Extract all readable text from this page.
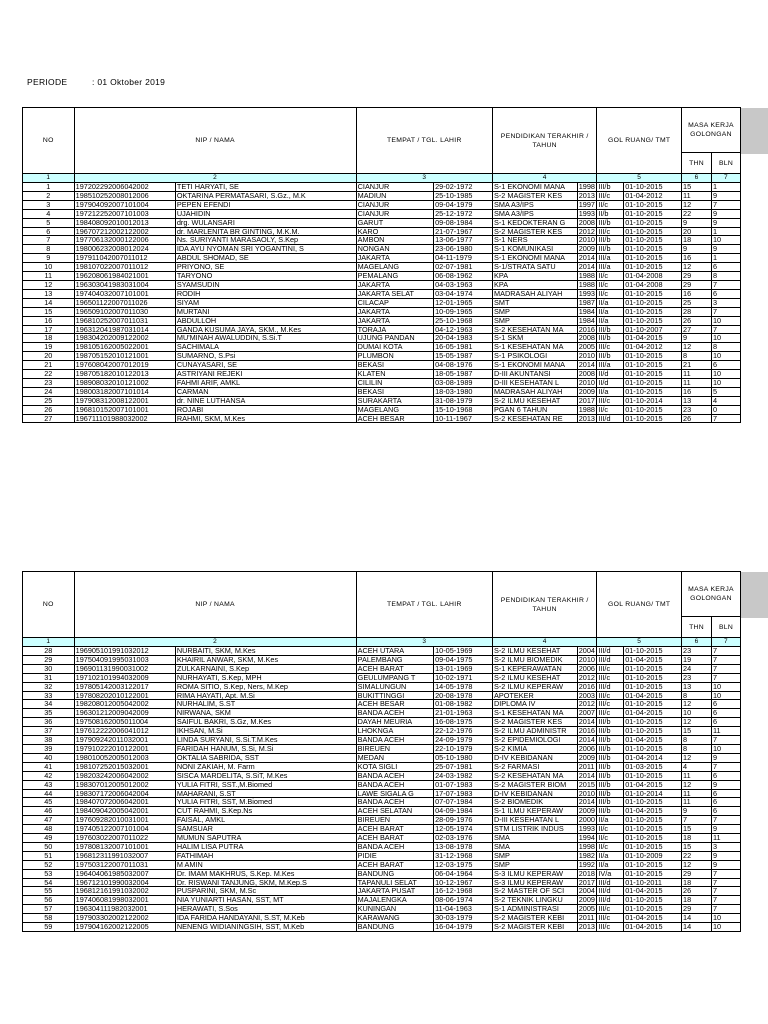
PERIODE	: 01 Oktober 2019
NO	NIP / NAMA		TEMPAT / TGL. LAHIR		PENDIDIKAN TERAKHIR / TAHUN		GOL RUANG/ TMT		MASA KERJA GOLONGAN	
									THN	BLN
1	2		3		4		5		6	7
1	197202292006042002	TETI HARYATI, SE	CIANJUR	29-02-1972	S-1 EKONOMI MANA	1998	III/b	01-10-2015	15	1
2	198510252008012006	OKTARINA PERMATASARI, S.Gz., M.K	MADIUN	25-10-1985	S-2 MAGISTER KES	2013	III/c	01-04-2012	11	9
3	197904092007101004	PEPEN EFENDI	CIANJUR	09-04-1979	SMA A3/IPS	1997	II/c	01-10-2015	12	7
4	197212252007101003	UJAHIDIN	CIANJUR	25-12-1972	SMA A3/IPS	1993	II/b	01-10-2015	22	9
5	198408092010012013	drg. WULANSARI	GARUT	09-08-1984	S-1 KEDOKTERAN G	2008	III/b	01-10-2015	9	9
6	196707212002122002	dr. MARLENITA BR GINTING, M.K.M.	KARO	21-07-1967	S-2 MAGISTER KES	2012	III/c	01-10-2015	20	1
7	197706132000122006	Ns. SURIYANTI MARASAOLY, S.Kep	AMBON	13-06-1977	S-1 NERS	2010	III/b	01-10-2015	18	10
8	198006232008012024	IDA AYU NYOMAN SRI YOGANTINI, S	NONGAN	23-06-1980	S-1 KOMUNIKASI	2009	III/b	01-10-2015	9	9
9	197911042007011012	ABDUL SHOMAD, SE	JAKARTA	04-11-1979	S-1 EKONOMI MANA	2014	III/a	01-10-2015	16	1
10	198107022007011012	PRIYONO, SE	MAGELANG	02-07-1981	S-1/STRATA SATU	2014	III/a	01-10-2015	12	6
11	196208061984021001	TARYONO	PEMALANG	06-08-1962	KPA	1988	II/c	01-04-2008	29	8
12	196303041983031004	SYAMSUDIN	JAKARTA	04-03-1963	KPA	1988	II/c	01-04-2008	29	7
13	197404032007101001	RODIH	JAKARTA SELAT	03-04-1974	MADRASAH ALIYAH	1993	II/c	01-10-2015	16	6
14	196501122007011026	SIYAM	CILACAP	12-01-1965	SMT	1987	II/a	01-10-2015	25	3
15	196509102007011030	MURTANI	JAKARTA	10-09-1965	SMP	1984	II/a	01-10-2015	28	7
16	196810252007011031	ABDULLOH	JAKARTA	25-10-1968	SMP	1984	II/a	01-10-2015	26	10
17	196312041987031014	GANDA KUSUMA JAYA, SKM., M.Kes	TORAJA	04-12-1963	S-2 KESEHATAN MA	2016	III/b	01-10-2007	27	7
18	198304202009122002	MU'MINAH AWALUDDIN, S.Si.T	UJUNG PANDAN	20-04-1983	S-1 SKM	2008	III/b	01-04-2015	9	10
19	198105162005022001	SACHIMALA	DUMAI KOTA	16-05-1981	S-1 KESEHATAN MA	2005	III/c	01-04-2012	12	8
20	198705152010121001	SUMARNO, S.Psi	PLUMBON	15-05-1987	S-1 PSIKOLOGI	2010	III/b	01-10-2015	8	10
21	197608042007012019	CUNAYASARI, SE	BEKASI	04-08-1976	S-1 EKONOMI MANA	2014	III/a	01-10-2015	21	6
22	198705182010122013	ASTRIYANI REJEKI	KLATEN	18-05-1987	D-III AKUNTANSI	2008	II/d	01-10-2015	11	10
23	198908032010121002	FAHMI ARIF, AMKL	CILILIN	03-08-1989	D-III KESEHATAN L	2010	II/d	01-10-2015	11	10
24	198003182007101014	CARMAN	BEKASI	18-03-1980	MADRASAH ALIYAH	2009	II/a	01-10-2015	16	5
25	197908312008122001	dr. NINE LUTHANSA	SURAKARTA	31-08-1979	S-2 ILMU KESEHAT	2017	III/c	01-10-2014	13	4
26	196810152007101001	ROJABI	MAGELANG	15-10-1968	PGAN 6 TAHUN	1988	II/c	01-10-2015	23	0
27	196711101988032002	RAHMI, SKM, M.Kes	ACEH BESAR	10-11-1967	S-2 KESEHATAN RE	2013	III/d	01-10-2015	26	7
NO	NIP / NAMA		TEMPAT / TGL. LAHIR		PENDIDIKAN TERAKHIR / TAHUN		GOL RUANG/ TMT		MASA KERJA GOLONGAN	
									THN	BLN
1	2		3		4		5		6	7
28	196905101991032012	NURBAITI, SKM, M.Kes	ACEH UTARA	10-05-1969	S-2 ILMU KESEHAT	2004	III/d	01-10-2015	23	7
29	197504091995031003	KHAIRIL ANWAR, SKM, M.Kes	PALEMBANG	09-04-1975	S-2 ILMU BIOMEDIK	2010	III/d	01-04-2015	19	7
30	196901131990031002	ZULKARNAINI, S.Kep	ACEH BARAT	13-01-1969	S-1 KEPERAWATAN	2006	III/c	01-10-2015	24	7
31	197102101994032009	NURHAYATI, S.Kep, MPH	GEULUMPANG T	10-02-1971	S-2 ILMU KESEHAT	2012	III/c	01-10-2015	23	7
32	197805142003122017	ROMA SITIO, S.Kep, Ners, M.Kep	SIMALUNGUN	14-05-1978	S-2 ILMU KEPERAW	2016	III/d	01-10-2015	13	10
33	197808202010122001	RIMA HAYATI, Apt. M.Si	BUKITTINGGI	20-08-1978	APOTEKER	2003	III/c	01-04-2015	8	10
34	198208012005042002	NURHALIM, S.ST	ACEH BESAR	01-08-1982	DIPLOMA IV	2012	III/c	01-10-2015	12	6
35	196301212009042009	NIRWANA, SKM	BANDA ACEH	21-01-1963	S-1 KESEHATAN MA	2007	III/c	01-04-2015	10	6
36	197508162005011004	SAIFUL BAKRI, S.Gz, M.Kes	DAYAH MEURIA	16-08-1975	S-2 MAGISTER KES	2014	III/b	01-10-2015	12	6
37	197612222006041012	IKHSAN, M.Si	LHOKNGA	22-12-1976	S-2 ILMU ADMINISTR	2016	III/b	01-10-2015	15	11
38	197909242011032001	LINDA SURYANI, S.Si.T.M.Kes	BANDA ACEH	24-09-1979	S-2 EPIDEMIOLOGI	2014	III/b	01-04-2015	8	7
39	197910222010122001	FARIDAH HANUM, S.Si, M.Si	BIREUEN	22-10-1979	S-2 KIMIA	2006	III/b	01-10-2015	8	10
40	198010052005012003	OKTALIA SABRIDA, SST	MEDAN	05-10-1980	D-IV KEBIDANAN	2009	III/b	01-04-2014	12	9
41	198107252015032001	NONI ZAKIAH, M. Farm	KOTA SIGLI	25-07-1981	S-2 FARMASI	2011	III/b	01-03-2015	4	7
42	198203242006042002	SISCA MARDELITA, S.SiT, M.Kes	BANDA ACEH	24-03-1982	S-2 KESEHATAN MA	2014	III/b	01-10-2015	11	6
43	198307012005012002	YULIA FITRI, SST.,M.Biomed	BANDA ACEH	01-07-1983	S-2 MAGISTER BIOM	2015	III/b	01-04-2015	12	9
44	198307172006042004	MAHARANI, S.ST	LAWE SIGALA G	17-07-1983	D-IV KEBIDANAN	2010	III/b	01-10-2014	11	6
45	198407072006042001	YULIA FITRI, SST, M.Biomed	BANDA ACEH	07-07-1984	S-2 BIOMEDIK	2014	III/b	01-10-2015	11	6
46	198409042005042001	CUT RAHMI, S.Kep.Ns	ACEH SELATAN	04-09-1984	S-1 ILMU KEPERAW	2009	III/b	01-04-2015	9	6
47	197609282010031001	FAISAL, AMKL	BIREUEN	28-09-1976	D-III KESEHATAN L	2000	II/a	01-10-2015	7	7
48	197405122007101004	SAMSUAR	ACEH BARAT	12-05-1974	STM LISTRIK INDUS	1993	II/c	01-10-2015	15	9
49	197603022007011022	MUMUN SAPUTRA	ACEH BARAT	02-03-1976	SMA	1994	II/c	01-10-2015	18	11
50	197808132007101001	HALIM LISA PUTRA	BANDA ACEH	13-08-1978	SMA	1998	II/c	01-10-2015	15	3
51	196812311991032007	FATHIMAH	PIDIE	31-12-1968	SMP	1982	II/a	01-10-2009	22	9
52	197503122007011031	M AMIN	ACEH BARAT	12-03-1975	SMP	1992	II/a	01-10-2015	12	9
53	196404061985032007	Dr. IMAM MAKHRUS, S.Kep. M.Kes	BANDUNG	06-04-1964	S-3 ILMU KEPERAW	2018	IV/a	01-10-2015	29	7
54	196712101990032004	Dr. RISWANI TANJUNG, SKM, M.Kep.S	TAPANULI SELAT	10-12-1967	S-3 ILMU KEPERAW	2017	III/d	01-10-2011	18	7
55	196812161991032002	PUSPARINI, SKM, M.Sc	JAKARTA PUSAT	16-12-1968	S-2 MASTER OF SCI	2004	III/d	01-04-2015	26	7
56	197406081998032001	NIA YUNIARTI HASAN, SST, MT	MAJALENGKA	08-06-1974	S-2 TEKNIK LINGKU	2009	III/d	01-10-2015	18	7
57	196304111982032001	HERAWATI, S.Sos	KUNINGAN	11-04-1963	S-1 ADMINISTRASI	2005	III/c	01-10-2015	29	7
58	197903302002122002	IDA FARIDA HANDAYANI, S.ST, M.Keb	KARAWANG	30-03-1979	S-2 MAGISTER KEBI	2011	III/c	01-04-2015	14	10
59	197904162002122005	NENENG WIDIANINGSIH, SST, M.Keb	BANDUNG	16-04-1979	S-2 MAGISTER KEBI	2013	III/c	01-04-2015	14	10
